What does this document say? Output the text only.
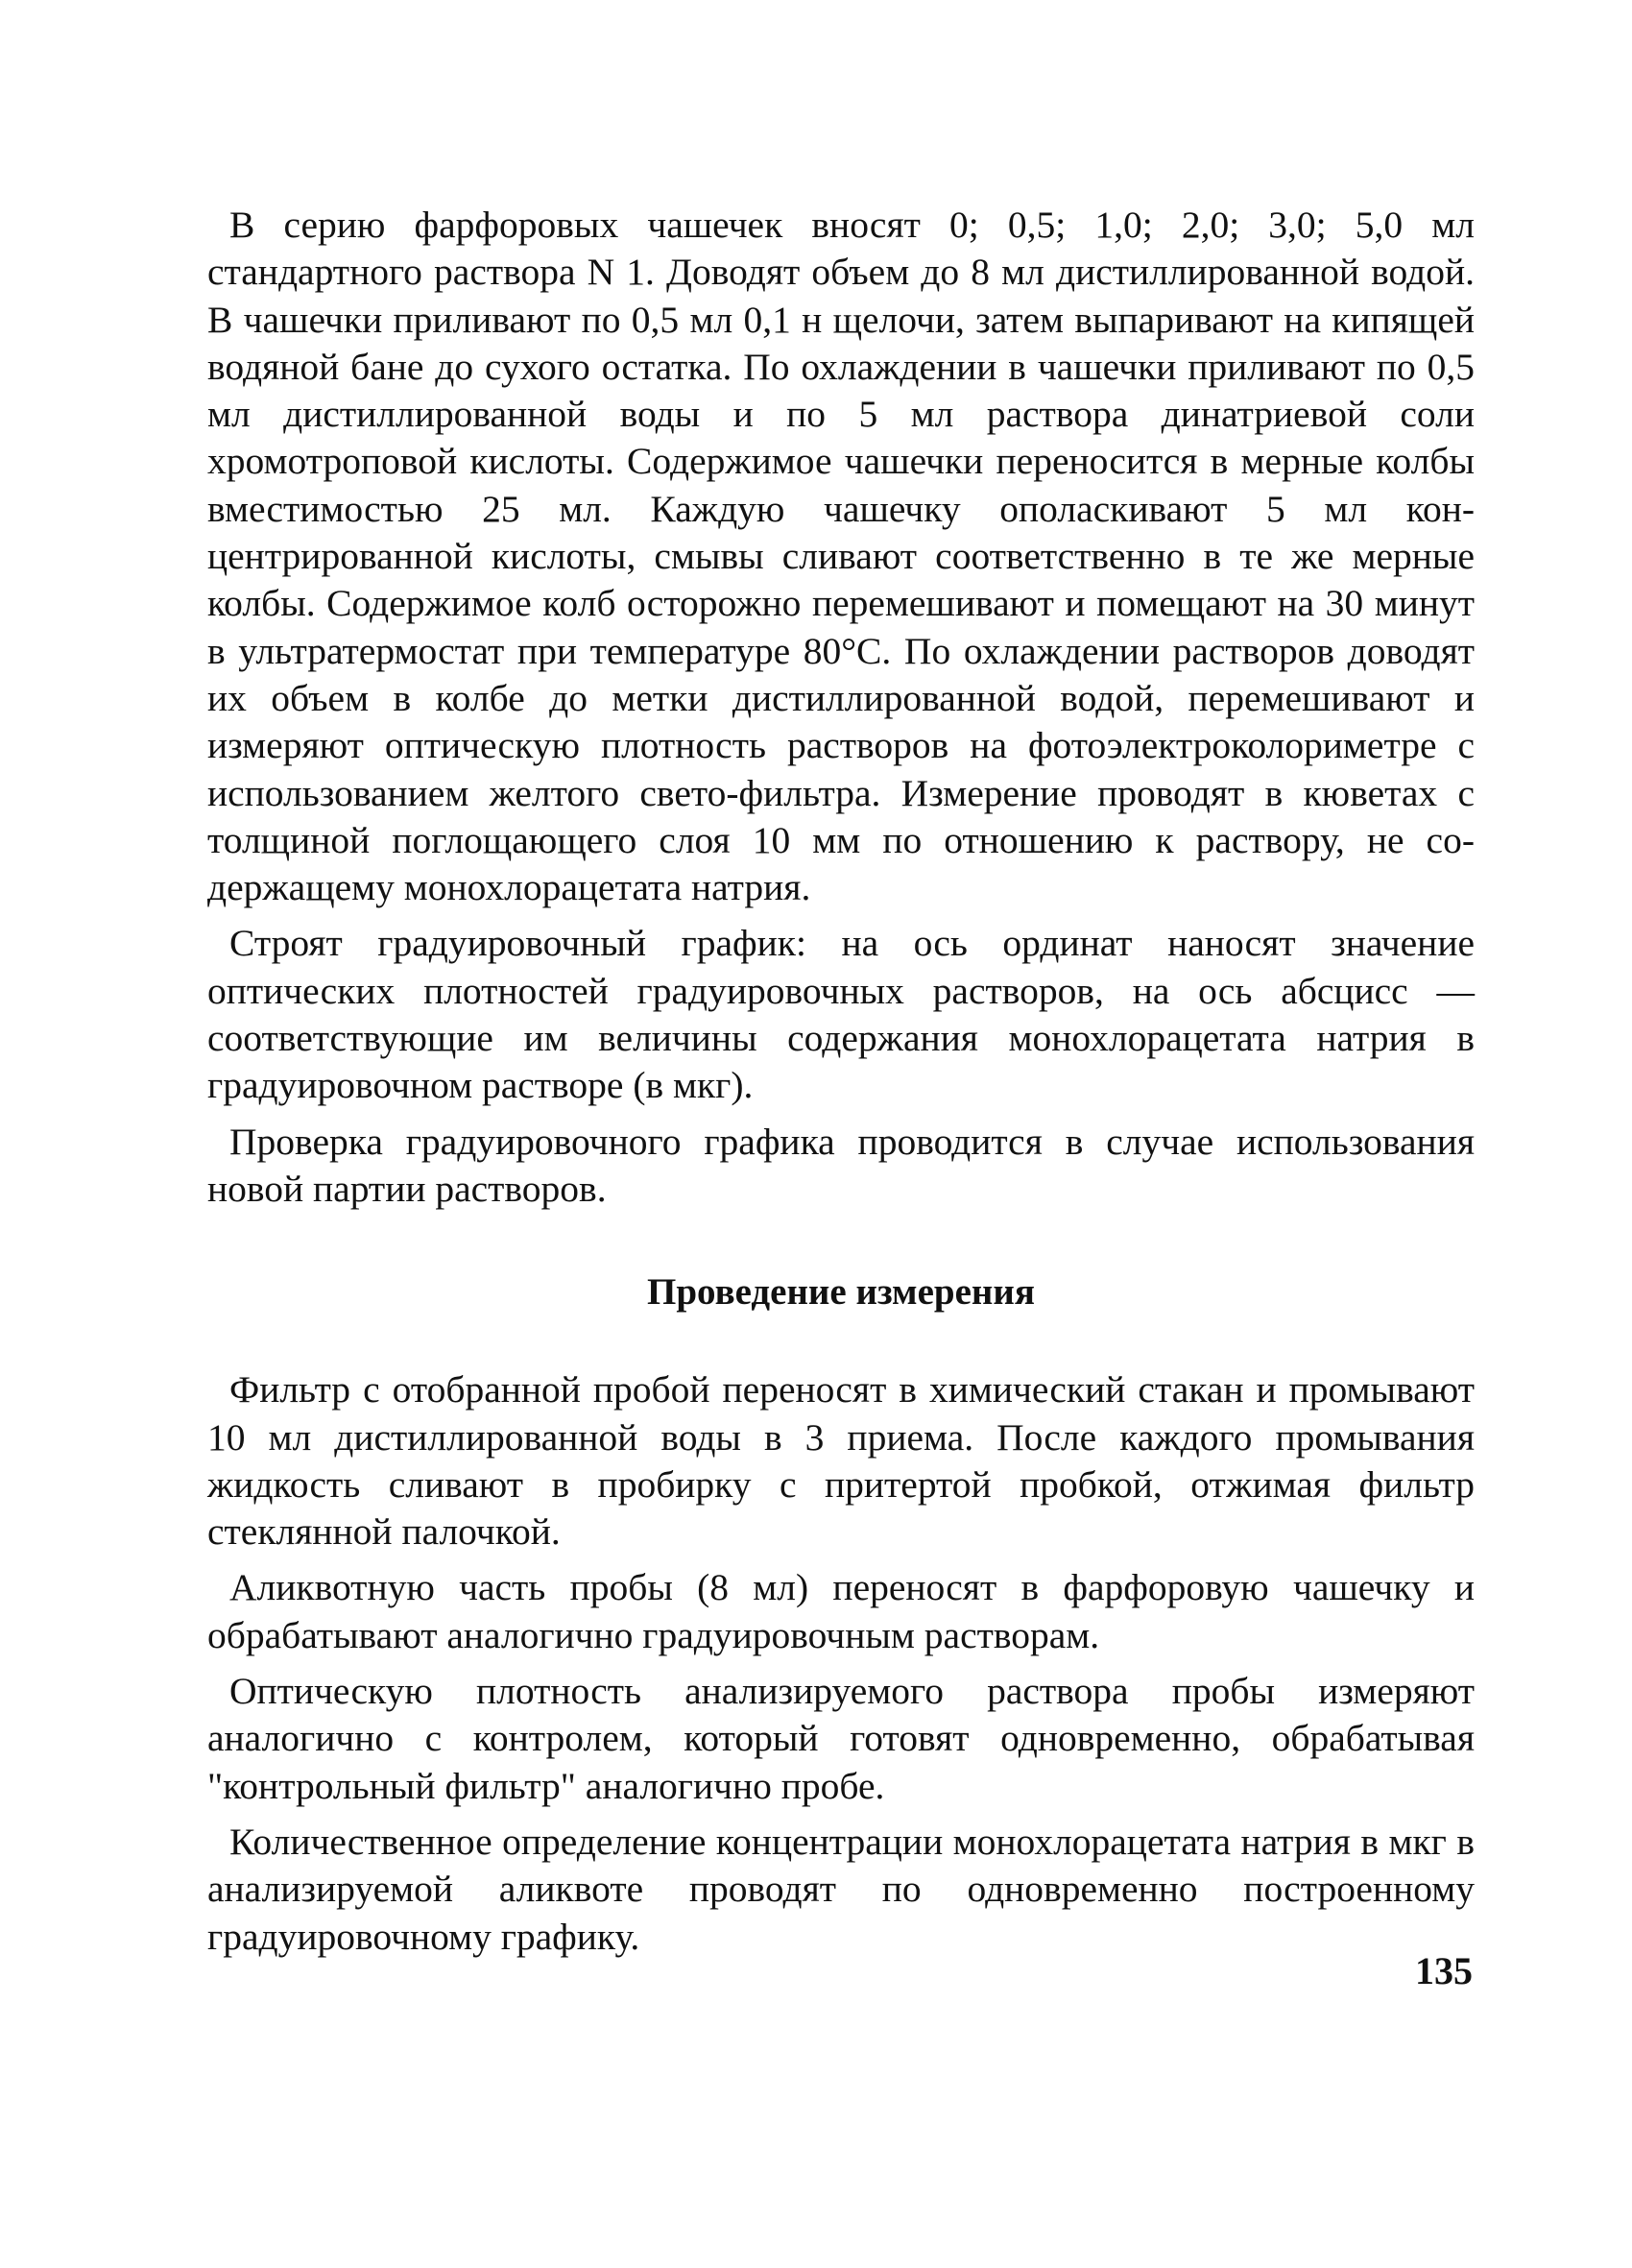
В серию фарфоровых чашечек вносят 0; 0,5; 1,0; 2,0; 3,0; 5,0 мл стандартного раствора N 1. Доводят объем до 8 мл дистиллированной водой. В чашечки приливают по 0,5 мл 0,1 н щелочи, затем выпаривают на кипящей водяной бане до сухого остатка. По охлаждении в чашечки приливают по 0,5 мл дистиллированной воды и по 5 мл раствора динатриевой соли хромотроповой кислоты. Содержимое чашечки переносится в мерные колбы вместимостью 25 мл. Каждую чашечку ополаскивают 5 мл концентрированной кислоты, смывы сливают соответственно в те же мерные колбы. Содержимое колб осторожно перемешивают и помещают на 30 минут в ультратермостат при температуре 80°С. По охлаждении растворов доводят их объем в колбе до метки дистиллированной водой, перемешивают и измеряют оптическую плотность растворов на фотоэлектроколориметре с использованием желтого свето-фильтра. Измерение проводят в кюветах с толщиной поглощающего слоя 10 мм по отношению к раствору, не содержащему монохлорацетата натрия.

Строят градуировочный график: на ось ординат наносят значение оптических плотностей градуировочных растворов, на ось абсцисс — соответствующие им величины содержания монохлорацетата натрия в градуировочном растворе (в мкг).

Проверка градуировочного графика проводится в случае использования новой партии растворов.

Проведение измерения

Фильтр с отобранной пробой переносят в химический стакан и промывают 10 мл дистиллированной воды в 3 приема. После каждого промывания жидкость сливают в пробирку с притертой пробкой, отжимая фильтр стеклянной палочкой.

Аликвотную часть пробы (8 мл) переносят в фарфоровую чашечку и обрабатывают аналогично градуировочным растворам.

Оптическую плотность анализируемого раствора пробы измеряют аналогично с контролем, который готовят одновременно, обрабатывая "контрольный фильтр" аналогично пробе.

Количественное определение концентрации монохлорацетата натрия в мкг в анализируемой аликвоте проводят по одновременно построенному градуировочному графику.

135
